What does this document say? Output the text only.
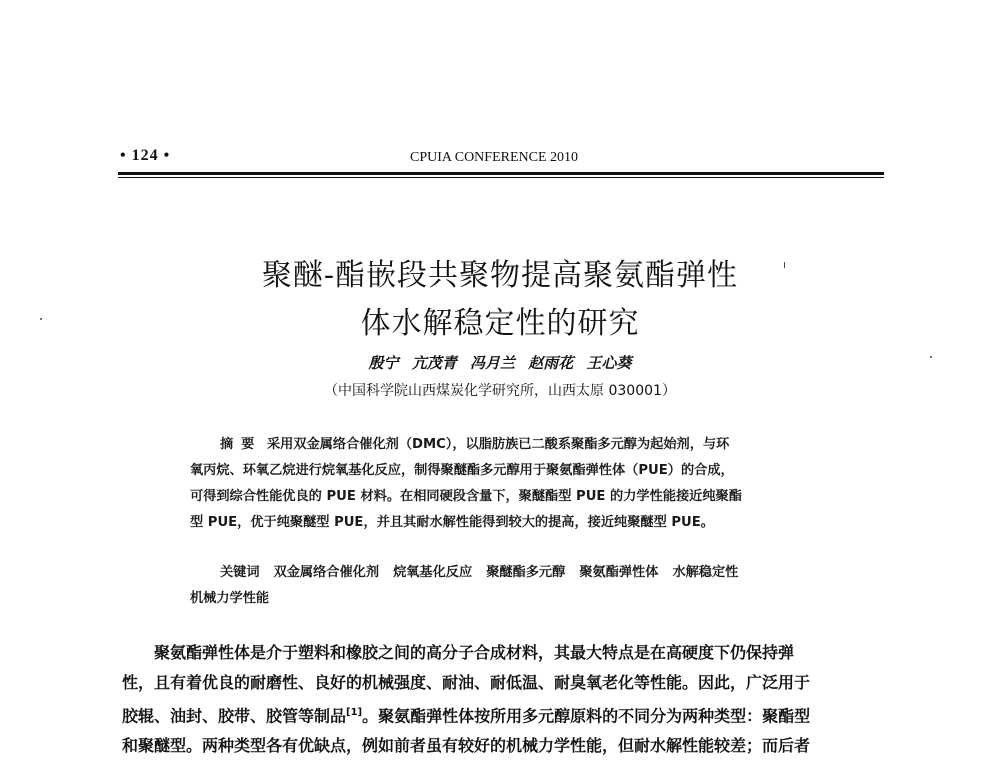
• 124 •	CPUIA CONFERENCE 2010
聚醚-酯嵌段共聚物提高聚氨酯弹性
体水解稳定性的研究
殷宁 亢茂青 冯月兰 赵雨花 王心葵
（中国科学院山西煤炭化学研究所，山西太原 030001）
摘要 采用双金属络合催化剂（DMC），以脂肪族已二酸系聚酯多元醇为起始剂，与环
氧丙烷、环氧乙烷进行烷氧基化反应，制得聚醚酯多元醇用于聚氨酯弹性体（PUE）的合成，
可得到综合性能优良的 PUE 材料。在相同硬段含量下，聚醚酯型 PUE 的力学性能接近纯聚酯
型 PUE，优于纯聚醚型 PUE，并且其耐水解性能得到较大的提高，接近纯聚醚型 PUE。
关键词 双金属络合催化剂 烷氧基化反应 聚醚酯多元醇 聚氨酯弹性体 水解稳定性
机械力学性能
聚氨酯弹性体是介于塑料和橡胶之间的高分子合成材料，其最大特点是在高硬度下仍保持弹
性，且有着优良的耐磨性、良好的机械强度、耐油、耐低温、耐臭氧老化等性能。因此，广泛用于
胶辊、油封、胶带、胶管等制品[1]。聚氨酯弹性体按所用多元醇原料的不同分为两种类型：聚酯型
和聚醚型。两种类型各有优缺点，例如前者虽有较好的机械力学性能，但耐水解性能较差；而后者
